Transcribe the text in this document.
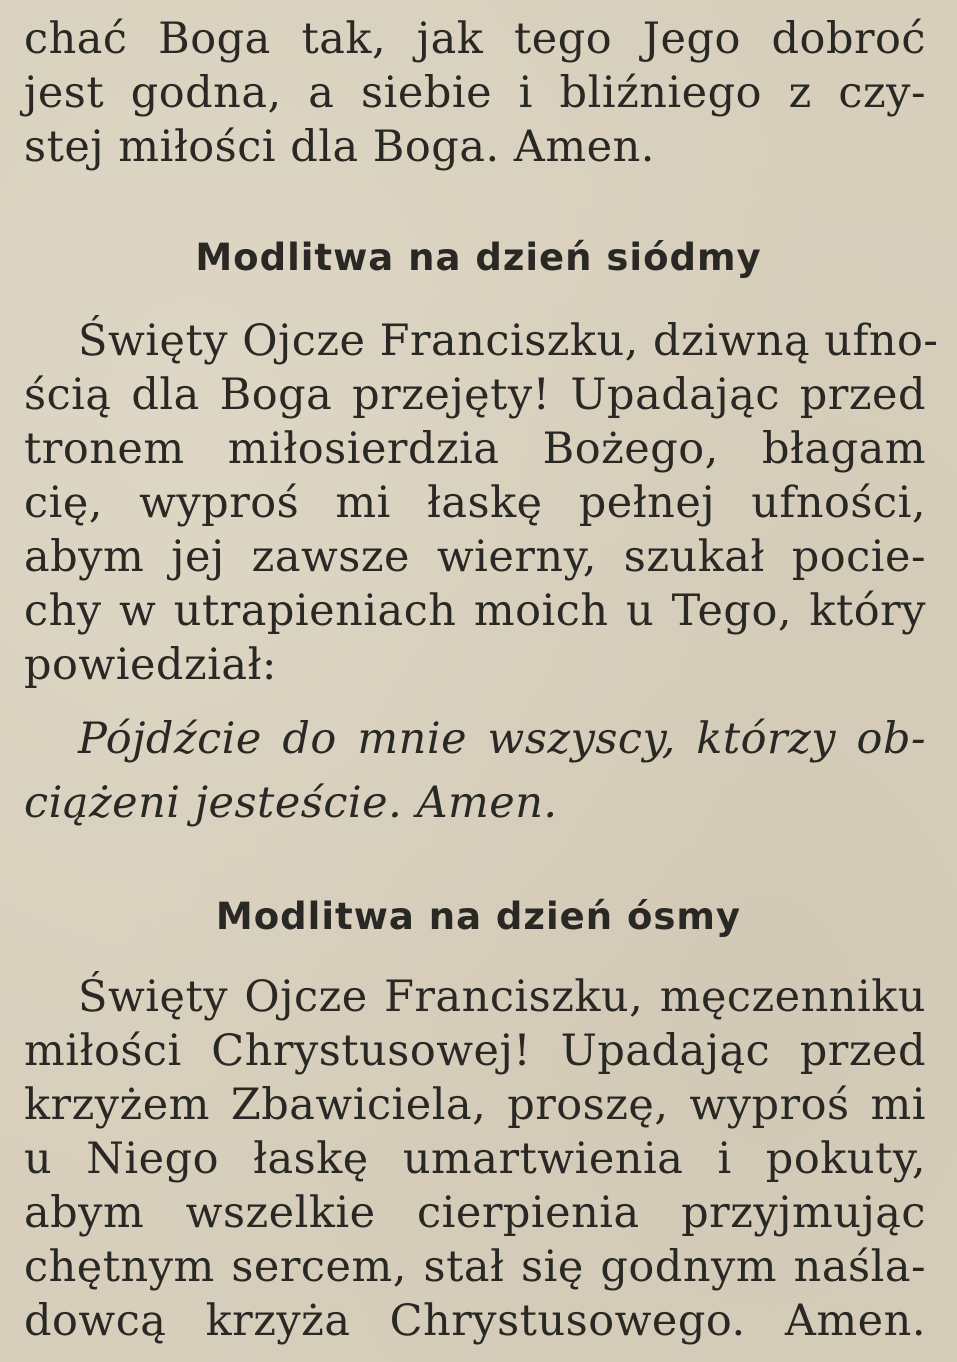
chać Boga tak, jak tego Jego dobroć
jest godna, a siebie i bliźniego z czy-
stej miłości dla Boga. Amen.
Modlitwa na dzień siódmy
Święty Ojcze Franciszku, dziwną ufno-
ścią dla Boga przejęty! Upadając przed
tronem miłosierdzia Bożego, błagam
cię, wyproś mi łaskę pełnej ufności,
abym jej zawsze wierny, szukał pocie-
chy w utrapieniach moich u Tego, który
powiedział:
Pójdźcie do mnie wszyscy, którzy ob-
ciążeni jesteście. Amen.
Modlitwa na dzień ósmy
Święty Ojcze Franciszku, męczenniku
miłości Chrystusowej! Upadając przed
krzyżem Zbawiciela, proszę, wyproś mi
u Niego łaskę umartwienia i pokuty,
abym wszelkie cierpienia przyjmując
chętnym sercem, stał się godnym naśla-
dowcą krzyża Chrystusowego. Amen.
